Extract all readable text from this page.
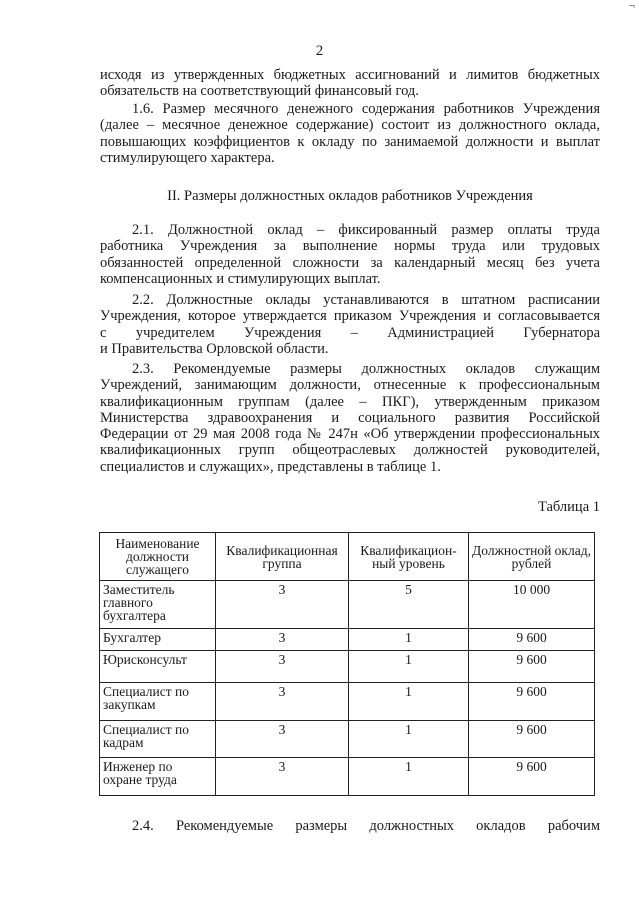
¬
2
исходя из утвержденных бюджетных ассигнований и лимитов бюджетных
обязательств на соответствующий финансовый год.
1.6. Размер месячного денежного содержания работников Учреждения
(далее – месячное денежное содержание) состоит из должностного оклада,
повышающих коэффициентов к окладу по занимаемой должности и выплат
стимулирующего характера.
II. Размеры должностных окладов работников Учреждения
2.1. Должностной оклад – фиксированный размер оплаты труда
работника Учреждения за выполнение нормы труда или трудовых
обязанностей определенной сложности за календарный месяц без учета
компенсационных и стимулирующих выплат.
2.2. Должностные оклады устанавливаются в штатном расписании
Учреждения, которое утверждается приказом Учреждения и согласовывается
с учредителем Учреждения – Администрацией Губернатора
и Правительства Орловской области.
2.3. Рекомендуемые размеры должностных окладов служащим
Учреждений, занимающим должности, отнесенные к профессиональным
квалификационным группам (далее – ПКГ), утвержденным приказом
Министерства здравоохранения и социального развития Российской
Федерации от 29 мая 2008 года № 247н «Об утверждении профессиональных
квалификационных групп общеотраслевых должностей руководителей,
специалистов и служащих», представлены в таблице 1.
Таблица 1
Наименование должности служащего	Квалификационная группа	Квалификацион-ный уровень	Должностной оклад, рублей
Заместитель главного бухгалтера	3	5	10 000
Бухгалтер	3	1	9 600
Юрисконсульт	3	1	9 600
Специалист по закупкам	3	1	9 600
Специалист по кадрам	3	1	9 600
Инженер по охране труда	3	1	9 600
2.4. Рекомендуемые размеры должностных окладов рабочим
